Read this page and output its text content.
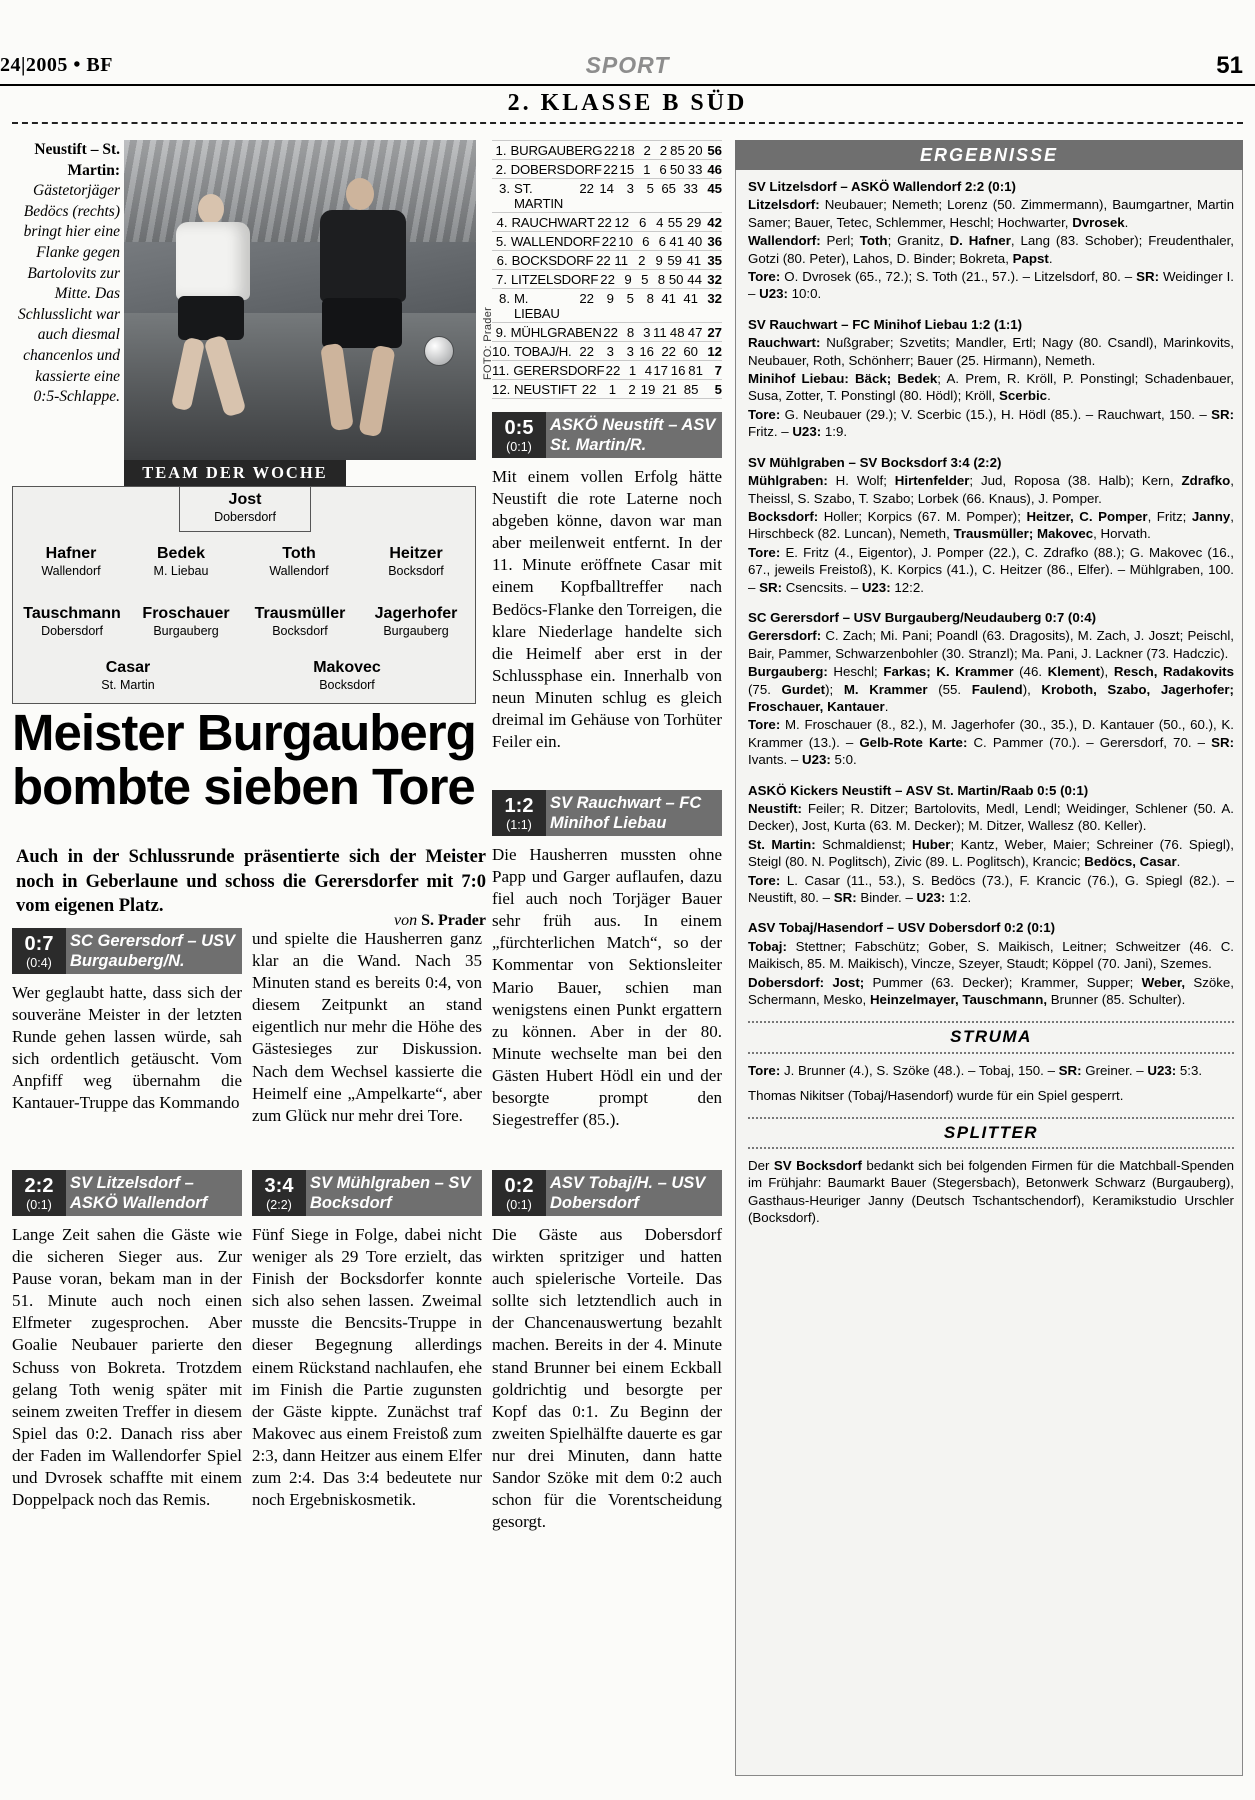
24|2005 • BF	SPORT	51
2. KLASSE B SÜD
Neustift – St. Martin: Gästetorjäger Bedöcs (rechts) bringt hier eine Flanke gegen Bartolovits zur Mitte. Das Schlusslicht war auch diesmal chancenlos und kassierte eine 0:5-Schlappe.
FOTO: Prader
TEAM DER WOCHE
Jost
Dobersdorf
Hafner
Wallendorf
Bedek
M. Liebau
Toth
Wallendorf
Heitzer
Bocksdorf
Tauschmann
Dobersdorf
Froschauer
Burgauberg
Trausmüller
Bocksdorf
Jagerhofer
Burgauberg
Casar
St. Martin
Makovec
Bocksdorf
Meister Burgauberg bombte sieben Tore
Auch in der Schlussrunde präsentierte sich der Meister noch in Geberlaune und schoss die Gerersdorfer mit 7:0 vom eigenen Platz.
von S. Prader
1. BURGAUBERG 22 18 2 2 85 20 56
2. DOBERSDORF 22 15 1 6 50 33 46
3. ST. MARTIN
22 14 3 5 65 33 45
4. RAUCHWART 22 12 6 4 55 29 42
5. WALLENDORF 22 10 6 6 41 40 36
6. BOCKSDORF 22 11 2 9 59 41 35
7. LITZELSDORF 22 9 5 8 50 44 32
8. M. LIEBAU
22 9 5 8 41 41 32
9. MÜHLGRABEN 22 8 3 11 48 47 27
10. TOBAJ/H. 22 3 3 16 22 60 12
11. GERERSDORF 22 1 4 17 16 81 7
12. NEUSTIFT 22 1 2 19 21 85	5
0:5
(0:1)
ASKÖ Neustift – ASV St. Martin/R.
Mit einem vollen Erfolg hätte Neustift die rote Laterne noch abgeben könne, davon war man aber meilenweit entfernt. In der 11. Minute eröffnete Casar mit einem Kopfballtreffer nach Bedöcs-Flanke den Torreigen, die klare Niederlage handelte sich die Heimelf aber erst in der Schlussphase ein. Innerhalb von neun Minuten schlug es gleich dreimal im Gehäuse von Torhüter Feiler ein.
1:2
(1:1)
SV Rauchwart – FC Minihof Liebau
Die Hausherren mussten ohne Papp und Garger auflaufen, dazu fiel auch noch Torjäger Bauer sehr früh aus. In einem „fürchterlichen Match“, so der Kommentar von Sektionsleiter Mario Bauer, schien man wenigstens einen Punkt ergattern zu können. Aber in der 80. Minute wechselte man bei den Gästen Hubert Hödl ein und der besorgte prompt den Siegestreffer (85.).
0:7
(0:4)
SC Gerersdorf – USV Burgauberg/N.
Wer geglaubt hatte, dass sich der souveräne Meister in der letzten Runde gehen lassen würde, sah sich ordentlich getäuscht. Vom Anpfiff weg übernahm die Kantauer-Truppe das Kommando
und spielte die Hausherren ganz klar an die Wand. Nach 35 Minuten stand es bereits 0:4, von diesem Zeitpunkt an stand eigentlich nur mehr die Höhe des Gästesieges zur Diskussion. Nach dem Wechsel kassierte die Heimelf eine „Ampelkarte“, aber zum Glück nur mehr drei Tore.
2:2
(0:1)
SV Litzelsdorf – ASKÖ Wallendorf
Lange Zeit sahen die Gäste wie die sicheren Sieger aus. Zur Pause voran, bekam man in der 51. Minute auch noch einen Elfmeter zugesprochen. Aber Goalie Neubauer parierte den Schuss von Bokreta. Trotzdem gelang Toth wenig später mit seinem zweiten Treffer in diesem Spiel das 0:2. Danach riss aber der Faden im Wallendorfer Spiel und Dvrosek schaffte mit einem Doppelpack noch das Remis.
3:4
(2:2)
SV Mühlgraben – SV Bocksdorf
Fünf Siege in Folge, dabei nicht weniger als 29 Tore erzielt, das Finish der Bocksdorfer konnte sich also sehen lassen. Zweimal musste die Bencsits-Truppe in dieser Begegnung allerdings einem Rückstand nachlaufen, ehe im Finish die Partie zugunsten der Gäste kippte. Zunächst traf Makovec aus einem Freistoß zum 2:3, dann Heitzer aus einem Elfer zum 2:4. Das 3:4 bedeutete nur noch Ergebniskosmetik.
0:2
(0:1)
ASV Tobaj/H. – USV Dobersdorf
Die Gäste aus Dobersdorf wirkten spritziger und hatten auch spielerische Vorteile. Das sollte sich letztendlich auch in der Chancenauswertung bezahlt machen. Bereits in der 4. Minute stand Brunner bei einem Eckball goldrichtig und besorgte per Kopf das 0:1. Zu Beginn der zweiten Spielhälfte dauerte es gar nur drei Minuten, dann hatte Sandor Szöke mit dem 0:2 auch schon für die Vorentscheidung gesorgt.
ERGEBNISSE
SV Litzelsdorf – ASKÖ Wallendorf 2:2 (0:1)

Litzelsdorf: Neubauer; Nemeth; Lorenz (50. Zimmermann), Baumgartner, Martin Samer; Bauer, Tetec, Schlemmer, Heschl; Hochwarter, Dvrosek.

Wallendorf: Perl; Toth; Granitz, D. Hafner, Lang (83. Schober); Freudenthaler, Gotzi (80. Peter), Lahos, D. Binder; Bokreta, Papst.

Tore: O. Dvrosek (65., 72.); S. Toth (21., 57.). – Litzelsdorf, 80. – SR: Weidinger I. – U23: 10:0.

SV Rauchwart – FC Minihof Liebau 1:2 (1:1)

Rauchwart: Nußgraber; Szvetits; Mandler, Ertl; Nagy (80. Csandl), Marinkovits, Neubauer, Roth, Schönherr; Bauer (25. Hirmann), Nemeth.

Minihof Liebau: Bäck; Bedek; A. Prem, R. Kröll, P. Ponstingl; Schadenbauer, Susa, Zotter, T. Ponstingl (80. Hödl); Kröll, Scerbic.

Tore: G. Neubauer (29.); V. Scerbic (15.), H. Hödl (85.). – Rauchwart, 150. – SR: Fritz. – U23: 1:9.

SV Mühlgraben – SV Bocksdorf 3:4 (2:2)

Mühlgraben: H. Wolf; Hirtenfelder; Jud, Roposa (38. Halb); Kern, Zdrafko, Theissl, S. Szabo, T. Szabo; Lorbek (66. Knaus), J. Pomper.

Bocksdorf: Holler; Korpics (67. M. Pomper); Heitzer, C. Pomper, Fritz; Janny, Hirschbeck (82. Luncan), Nemeth, Trausmüller; Makovec, Horvath.

Tore: E. Fritz (4., Eigentor), J. Pomper (22.), C. Zdrafko (88.); G. Makovec (16., 67., jeweils Freistoß), K. Korpics (41.), C. Heitzer (86., Elfer). – Mühlgraben, 100. – SR: Csencsits. – U23: 12:2.

SC Gerersdorf – USV Burgauberg/Neudauberg 0:7 (0:4)

Gerersdorf: C. Zach; Mi. Pani; Poandl (63. Dragosits), M. Zach, J. Joszt; Peischl, Bair, Pammer, Schwarzenbohler (30. Stranzl); Ma. Pani, J. Lackner (73. Hadczic).

Burgauberg: Heschl; Farkas; K. Krammer (46. Klement), Resch, Radakovits (75. Gurdet); M. Krammer (55. Faulend), Kroboth, Szabo, Jagerhofer; Froschauer, Kantauer.

Tore: M. Froschauer (8., 82.), M. Jagerhofer (30., 35.), D. Kantauer (50., 60.), K. Krammer (13.). – Gelb-Rote Karte: C. Pammer (70.). – Gerersdorf, 70. – SR: Ivants. – U23: 5:0.

ASKÖ Kickers Neustift – ASV St. Martin/Raab 0:5 (0:1)

Neustift: Feiler; R. Ditzer; Bartolovits, Medl, Lendl; Weidinger, Schlener (50. A. Decker), Jost, Kurta (63. M. Decker); M. Ditzer, Wallesz (80. Keller).

St. Martin: Schmaldienst; Huber; Kantz, Weber, Maier; Schreiner (76. Spiegl), Steigl (80. N. Poglitsch), Zivic (89. L. Poglitsch), Krancic; Bedöcs, Casar.

Tore: L. Casar (11., 53.), S. Bedöcs (73.), F. Krancic (76.), G. Spiegl (82.). – Neustift, 80. – SR: Binder. – U23: 1:2.

ASV Tobaj/Hasendorf – USV Dobersdorf 0:2 (0:1)

Tobaj: Stettner; Fabschütz; Gober, S. Maikisch, Leitner; Schweitzer (46. C. Maikisch, 85. M. Maikisch), Vincze, Szeyer, Staudt; Köppel (70. Jani), Szemes.

Dobersdorf: Jost; Pummer (63. Decker); Krammer, Supper; Weber, Szöke, Schermann, Mesko, Heinzelmayer, Tauschmann, Brunner (85. Schulter).

STRUMA

Tore: J. Brunner (4.), S. Szöke (48.). – Tobaj, 150. – SR: Greiner. – U23: 5:3.

Thomas Nikitser (Tobaj/Hasendorf) wurde für ein Spiel gesperrt.

SPLITTER

Der SV Bocksdorf bedankt sich bei folgenden Firmen für die Matchball-Spenden im Frühjahr: Baumarkt Bauer (Stegersbach), Betonwerk Schwarz (Burgauberg), Gasthaus-Heuriger Janny (Deutsch Tschantschendorf), Keramikstudio Urschler (Bocksdorf).
